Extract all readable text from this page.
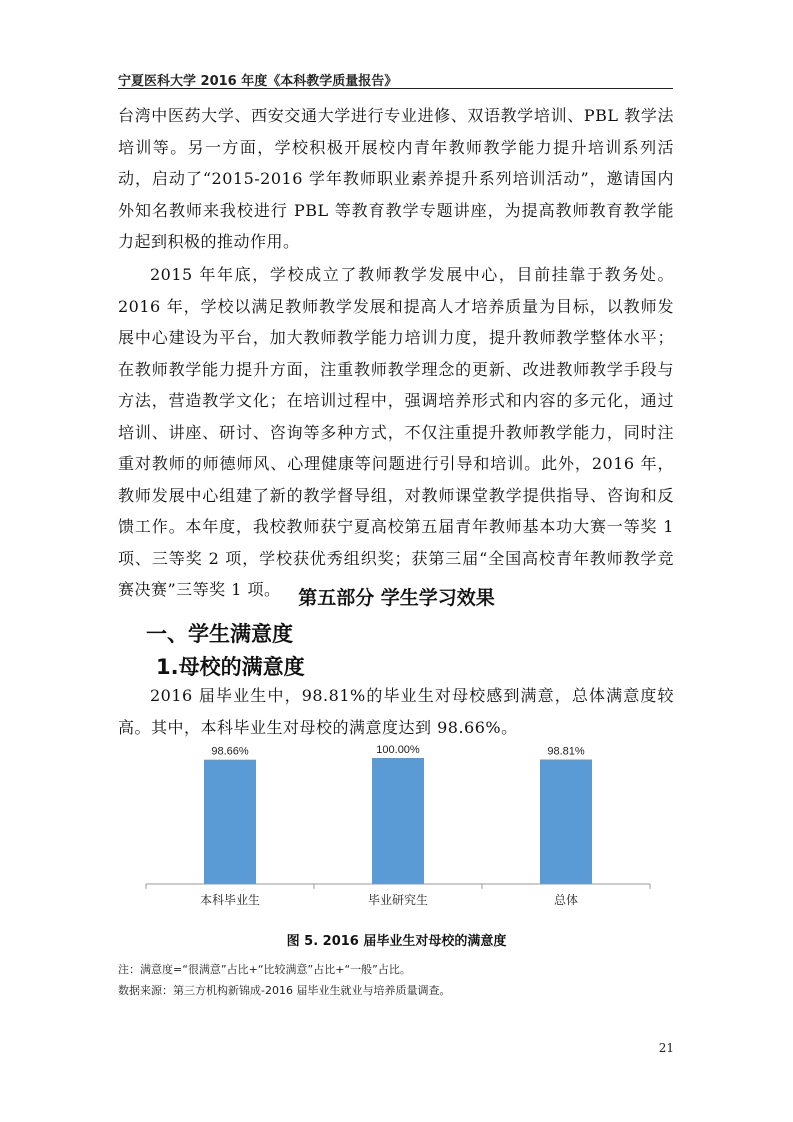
宁夏医科大学 2016 年度《本科教学质量报告》
台湾中医药大学、西安交通大学进行专业进修、双语教学培训、PBL 教学法培训等。另一方面，学校积极开展校内青年教师教学能力提升培训系列活动，启动了“2015-2016 学年教师职业素养提升系列培训活动”，邀请国内外知名教师来我校进行 PBL 等教育教学专题讲座，为提高教师教育教学能力起到积极的推动作用。
2015 年年底，学校成立了教师教学发展中心，目前挂靠于教务处。2016 年，学校以满足教师教学发展和提高人才培养质量为目标，以教师发展中心建设为平台，加大教师教学能力培训力度，提升教师教学整体水平；在教师教学能力提升方面，注重教师教学理念的更新、改进教师教学手段与方法，营造教学文化；在培训过程中，强调培养形式和内容的多元化，通过培训、讲座、研讨、咨询等多种方式，不仅注重提升教师教学能力，同时注重对教师的师德师风、心理健康等问题进行引导和培训。此外，2016 年，教师发展中心组建了新的教学督导组，对教师课堂教学提供指导、咨询和反馈工作。本年度，我校教师获宁夏高校第五届青年教师基本功大赛一等奖 1 项、三等奖 2 项，学校获优秀组织奖；获第三届“全国高校青年教师教学竞赛决赛”三等奖 1 项。 第五部分 学生学习效果
一、学生满意度
1.母校的满意度
2016 届毕业生中，98.81%的毕业生对母校感到满意，总体满意度较高。其中，本科毕业生对母校的满意度达到 98.66%。
98.66%	100.00%	98.81%
本科毕业生	毕业研究生	总体
图 5. 2016 届毕业生对母校的满意度
注：满意度=“很满意”占比+“比较满意”占比+“一般”占比。
数据来源：第三方机构新锦成-2016 届毕业生就业与培养质量调查。
21
